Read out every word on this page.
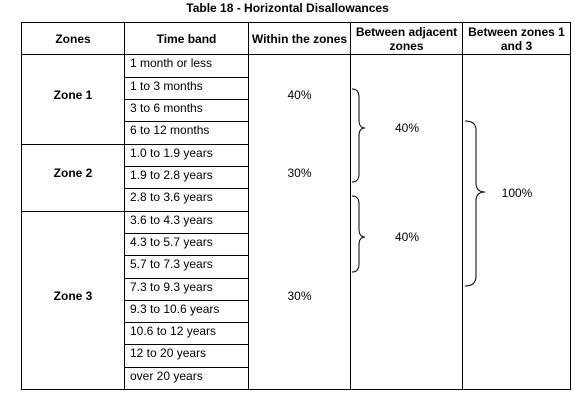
Table 18 - Horizontal Disallowances
Zones	Time band	Within the zones Between adjacent zones
Between zones 1 and 3
Zone 1
Zone 2
Zone 3
1 month or less
1 to 3 months
3 to 6 months
6 to 12 months
1.0 to 1.9 years
1.9 to 2.8 years
2.8 to 3.6 years
3.6 to 4.3 years
4.3 to 5.7 years
5.7 to 7.3 years
7.3 to 9.3 years
9.3 to 10.6 years
10.6 to 12 years
12 to 20 years
over 20 years
40%
30%
30%
40%
40%
100%
